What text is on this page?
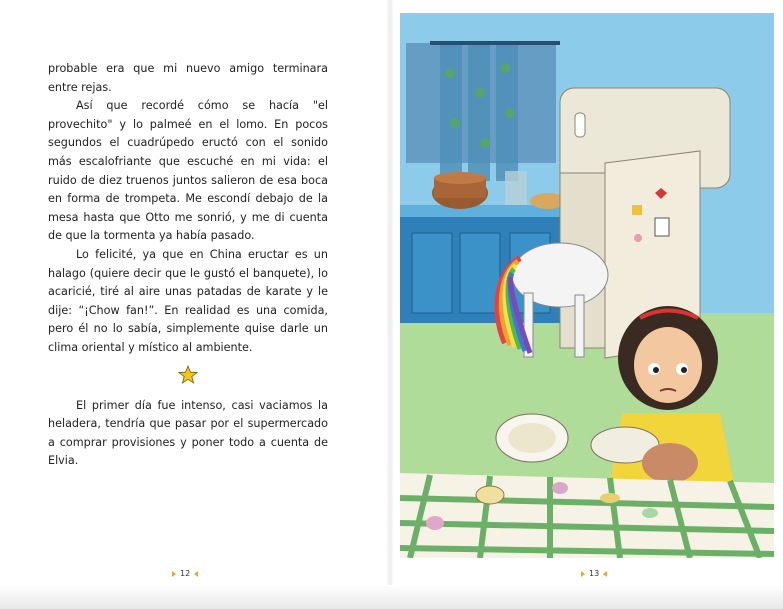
probable era que mi nuevo amigo terminara entre rejas.

Así que recordé cómo se hacía "el provechito" y lo palmeé en el lomo. En pocos segundos el cuadrúpedo eructó con el sonido más escalofriante que escuché en mi vida: el ruido de diez truenos juntos salieron de esa boca en forma de trompeta. Me escondí debajo de la mesa hasta que Otto me sonrió, y me di cuenta de que la tormenta ya había pasado.

Lo felicité, ya que en China eructar es un halago (quiere decir que le gustó el banquete), lo acaricié, tiré al aire unas patadas de karate y le dije: “¡Chow fan!”. En realidad es una comida, pero él no lo sabía, simplemente quise darle un clima oriental y místico al ambiente.

El primer día fue intenso, casi vaciamos la heladera, tendría que pasar por el supermercado a comprar provisiones y poner todo a cuenta de Elvia.

12	13
